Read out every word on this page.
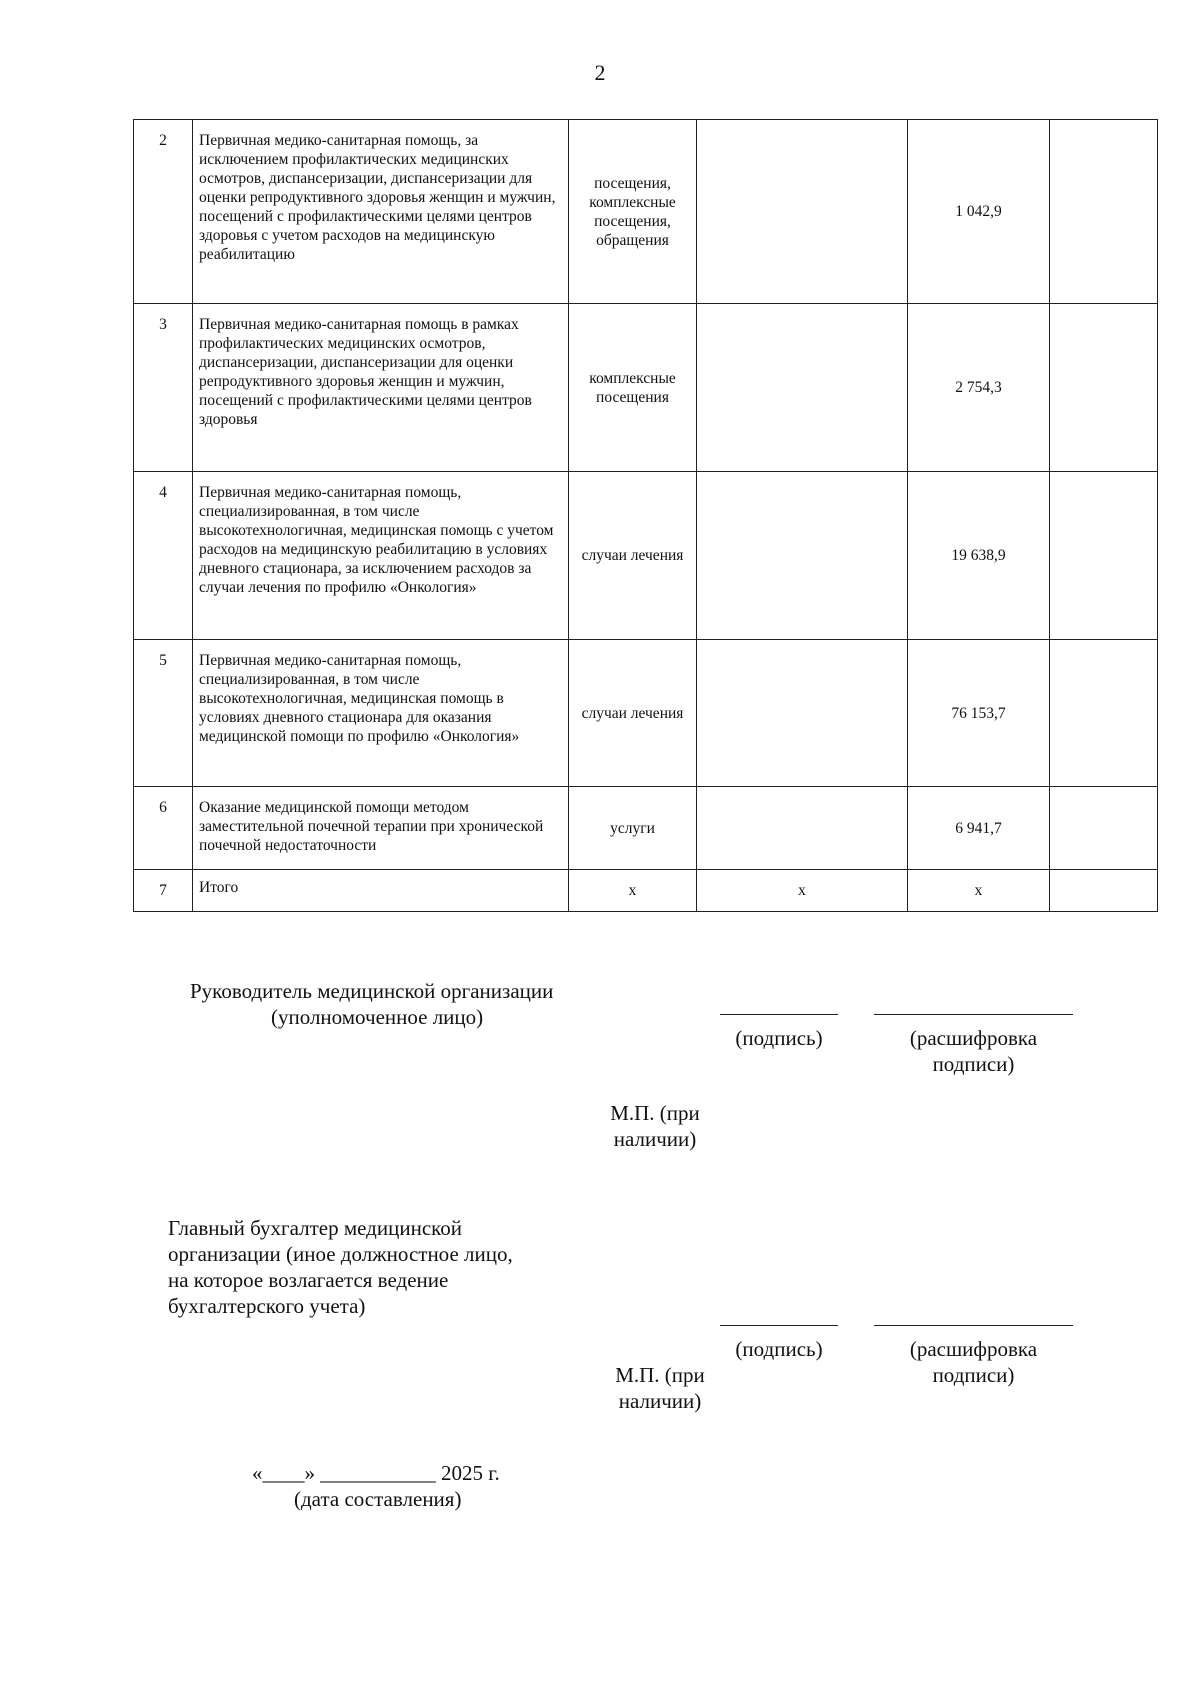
2
2	Первичная медико-санитарная помощь, за исключением профилактических медицинских осмотров, диспансеризации, диспансеризации для оценки репродуктивного здоровья женщин и мужчин, посещений с профилактическими целями центров здоровья с учетом расходов на медицинскую реабилитацию	посещения, комплексные посещения, обращения		1 042,9	
3	Первичная медико-санитарная помощь в рамках профилактических медицинских осмотров, диспансеризации, диспансеризации для оценки репродуктивного здоровья женщин и мужчин, посещений с профилактическими целями центров здоровья	комплексные посещения		2 754,3	
4	Первичная медико-санитарная помощь, специализированная, в том числе высокотехнологичная, медицинская помощь с учетом расходов на медицинскую реабилитацию в условиях дневного стационара, за исключением расходов за случаи лечения по профилю «Онкология»	случаи лечения		19 638,9	
5	Первичная медико-санитарная помощь, специализированная, в том числе высокотехнологичная, медицинская помощь в условиях дневного стационара для оказания медицинской помощи по профилю «Онкология»	случаи лечения		76 153,7	
6	Оказание медицинской помощи методом заместительной почечной терапии при хронической почечной недостаточности	услуги		6 941,7	
7	Итого	x	x	x	
Руководитель медицинской организации
(уполномоченное лицо)
(подпись)	(расшифровка
подписи)
М.П. (при
наличии)
Главный бухгалтер медицинской
организации (иное должностное лицо,
на которое возлагается ведение
бухгалтерского учета)
(подпись)	(расшифровка
подписи)
М.П. (при
наличии)
«____» ___________ 2025 г.
(дата составления)
